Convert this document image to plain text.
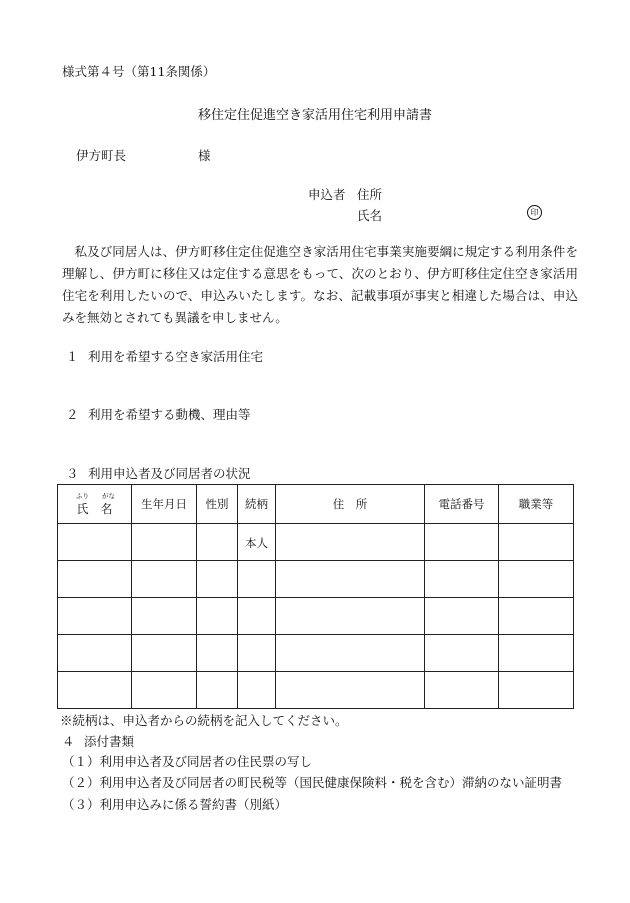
様式第４号（第11条関係）
移住定住促進空き家活用住宅利用申請書
伊方町長	様
申込者 住所
氏名	印
私及び同居人は、伊方町移住定住促進空き家活用住宅事業実施要綱に規定する利用条件を理解し、伊方町に移住又は定住する意思をもって、次のとおり、伊方町移住定住空き家活用住宅を利用したいので、申込みいたします。なお、記載事項が事実と相違した場合は、申込みを無効とされても異議を申しません。
１ 利用を希望する空き家活用住宅
２ 利用を希望する動機、理由等
３ 利用申込者及び同居者の状況
ふり がな
氏名	生年月日	性別	続柄	住　所	電話番号	職業等
			本人			

※続柄は、申込者からの続柄を記入してください。
４ 添付書類
（１）利用申込者及び同居者の住民票の写し
（２）利用申込者及び同居者の町民税等（国民健康保険料・税を含む）滞納のない証明書
（３）利用申込みに係る誓約書（別紙）
